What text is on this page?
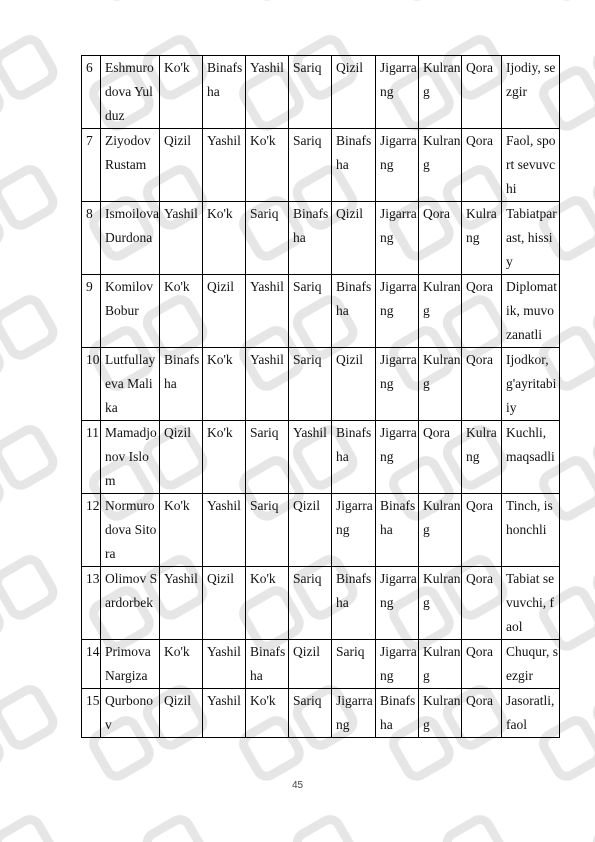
6	Eshmurodova Yulduz	Ko'k	Binafsha	Yashil	Sariq	Qizil	Jigarrang	Kulrang	Qora	Ijodiy, sezgir
7	Ziyodov Rustam	Qizil	Yashil	Ko'k	Sariq	Binafsha	Jigarrang	Kulrang	Qora	Faol, sport sevuvchi
8	Ismoilova Durdona	Yashil	Ko'k	Sariq	Binafsha	Qizil	Jigarrang	Qora	Kulrang	Tabiatparast, hissiy
9	Komilov Bobur	Ko'k	Qizil	Yashil	Sariq	Binafsha	Jigarrang	Kulrang	Qora	Diplomatik, muvozanatli
10	Lutfullayeva Malika	Binafsha	Ko'k	Yashil	Sariq	Qizil	Jigarrang	Kulrang	Qora	Ijodkor, g'ayritabiiy
11	Mamadjonov Islom	Qizil	Ko'k	Sariq	Yashil	Binafsha	Jigarrang	Qora	Kulrang	Kuchli, maqsadli
12	Normurodova Sitora	Ko'k	Yashil	Sariq	Qizil	Jigarrang	Binafsha	Kulrang	Qora	Tinch, ishonchli
13	Olimov Sardorbek	Yashil	Qizil	Ko'k	Sariq	Binafsha	Jigarrang	Kulrang	Qora	Tabiat sevuvchi, faol
14	Primova Nargiza	Ko'k	Yashil	Binafsha	Qizil	Sariq	Jigarrang	Kulrang	Qora	Chuqur, sezgir
15	Qurbonov	Qizil	Yashil	Ko'k	Sariq	Jigarrang	Binafsha	Kulrang	Qora	Jasoratli, faol
45
